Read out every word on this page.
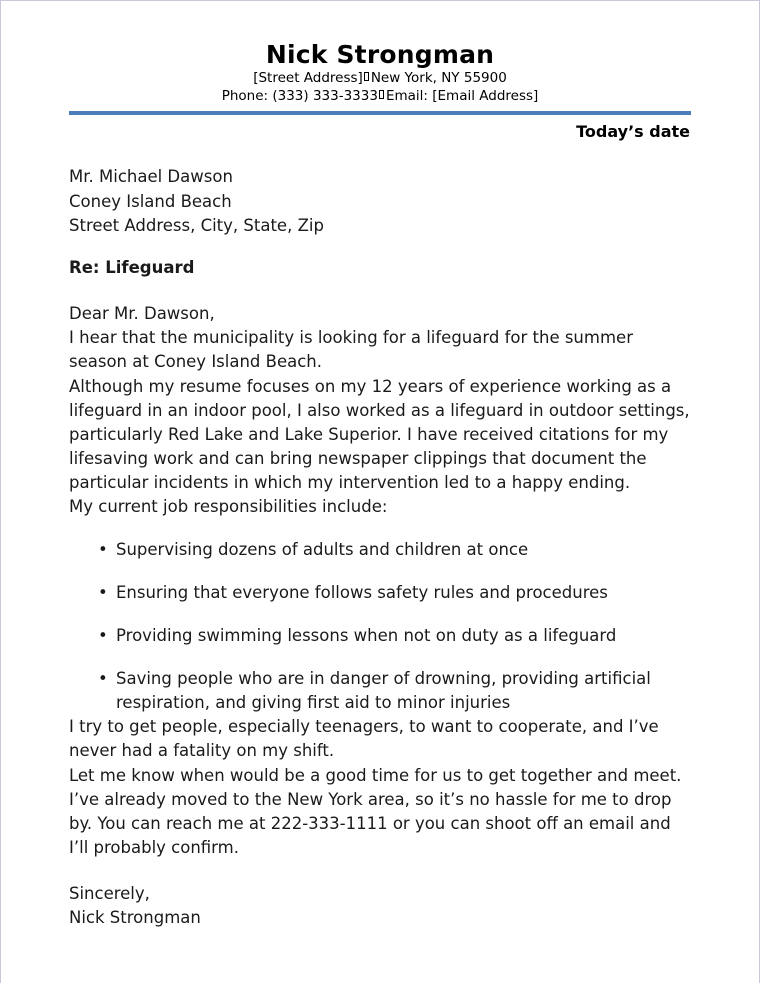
Nick Strongman
[Street Address] New York, NY 55900
Phone: (333) 333-3333 Email: [Email Address]
Today’s date
Mr. Michael Dawson
Coney Island Beach
Street Address, City, State, Zip
Re: Lifeguard

Dear Mr. Dawson,

I hear that the municipality is looking for a lifeguard for the summer season at Coney Island Beach.

Although my resume focuses on my 12 years of experience working as a lifeguard in an indoor pool, I also worked as a lifeguard in outdoor settings, particularly Red Lake and Lake Superior. I have received citations for my lifesaving work and can bring newspaper clippings that document the particular incidents in which my intervention led to a happy ending.

My current job responsibilities include:

• Supervising dozens of adults and children at once
• Ensuring that everyone follows safety rules and procedures
• Providing swimming lessons when not on duty as a lifeguard
• Saving people who are in danger of drowning, providing artificial respiration, and giving first aid to minor injuries

I try to get people, especially teenagers, to want to cooperate, and I’ve never had a fatality on my shift.

Let me know when would be a good time for us to get together and meet. I’ve already moved to the New York area, so it’s no hassle for me to drop by. You can reach me at 222-333-1111 or you can shoot off an email and I’ll probably confirm.

Sincerely,
Nick Strongman
